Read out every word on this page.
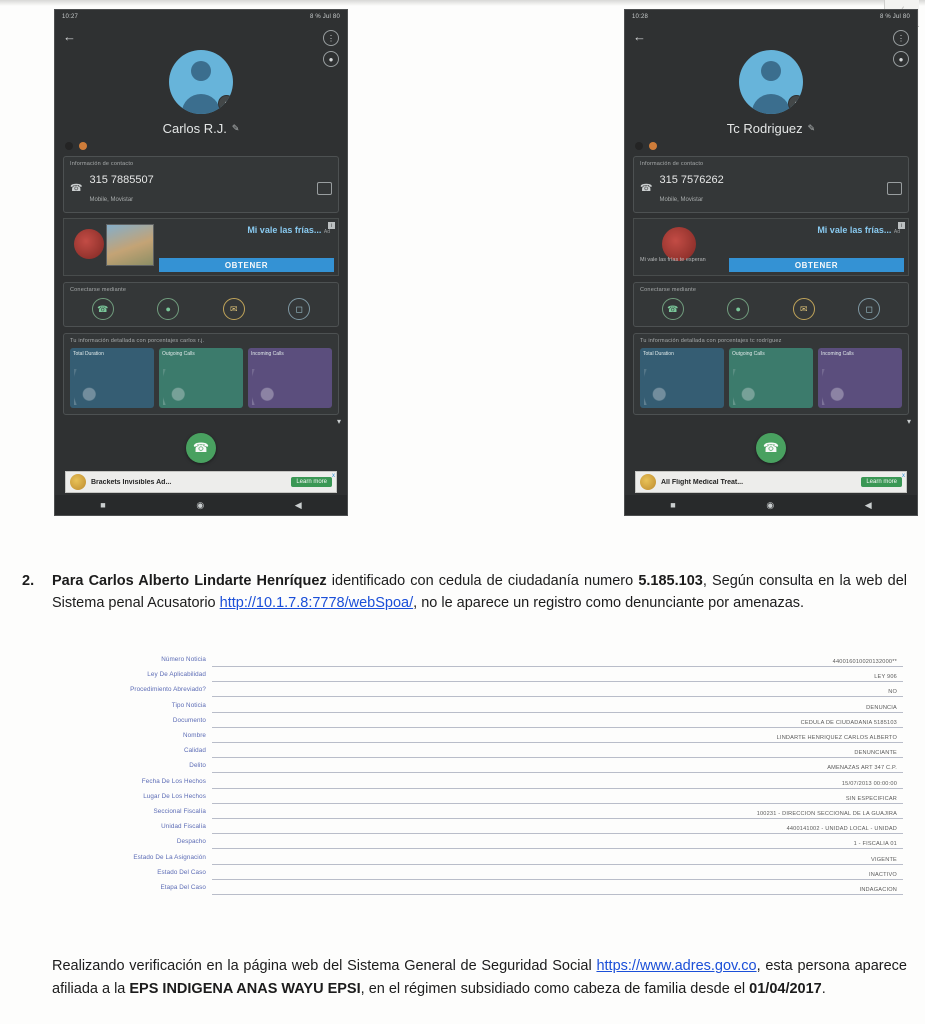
10:27	8 % Jul 80
←	⋮
●
●
Carlos R.J. ✎
Información de contacto
☎
315 7885507
Mobile, Movistar
Mi vale las frías... Ad
i
OBTENER
Conectarse mediante
☎	●	✉	◻
Tu información detallada con porcentajes carlos r.j.
Total Duration	Outgoing Calls	Incoming Calls
▾
☎
Brackets Invisibles Ad...	Learn more
x
■	◉	◀
10:28	8 % Jul 80
←	⋮
●
●
Tc Rodriguez ✎
Información de contacto
☎
315 7576262
Mobile, Movistar
Mi vale las frías... Ad
Mi vale las frías te esperan
i
OBTENER
Conectarse mediante
☎	●	✉	◻
Tu información detallada con porcentajes tc rodríguez
Total Duration	Outgoing Calls	Incoming Calls
▾
☎
All Flight Medical Treat...	Learn more
x
■	◉	◀
2. Para Carlos Alberto Lindarte Henríquez identificado con cedula de ciudadanía numero 5.185.103, Según consulta en la web del Sistema penal Acusatorio http://10.1.7.8:7778/webSpoa/, no le aparece un registro como denunciante por amenazas.
Número Noticia	440016010020132000**
Ley De Aplicabilidad	LEY 906
Procedimiento Abreviado?	NO
Tipo Noticia	DENUNCIA
Documento	CEDULA DE CIUDADANIA 5185103
Nombre	LINDARTE HENRIQUEZ CARLOS ALBERTO
Calidad	DENUNCIANTE
Delito	AMENAZAS ART 347 C.P.
Fecha De Los Hechos	15/07/2013 00:00:00
Lugar De Los Hechos	SIN ESPECIFICAR
Seccional Fiscalía	100231 - DIRECCION SECCIONAL DE LA GUAJIRA
Unidad Fiscalía	4400141002 - UNIDAD LOCAL - UNIDAD
Despacho	1 - FISCALIA 01
Estado De La Asignación	VIGENTE
Estado Del Caso	INACTIVO
Etapa Del Caso	INDAGACION
Realizando verificación en la página web del Sistema General de Seguridad Social https://www.adres.gov.co, esta persona aparece afiliada a la EPS INDIGENA ANAS WAYU EPSI, en el régimen subsidiado como cabeza de familia desde el 01/04/2017.
